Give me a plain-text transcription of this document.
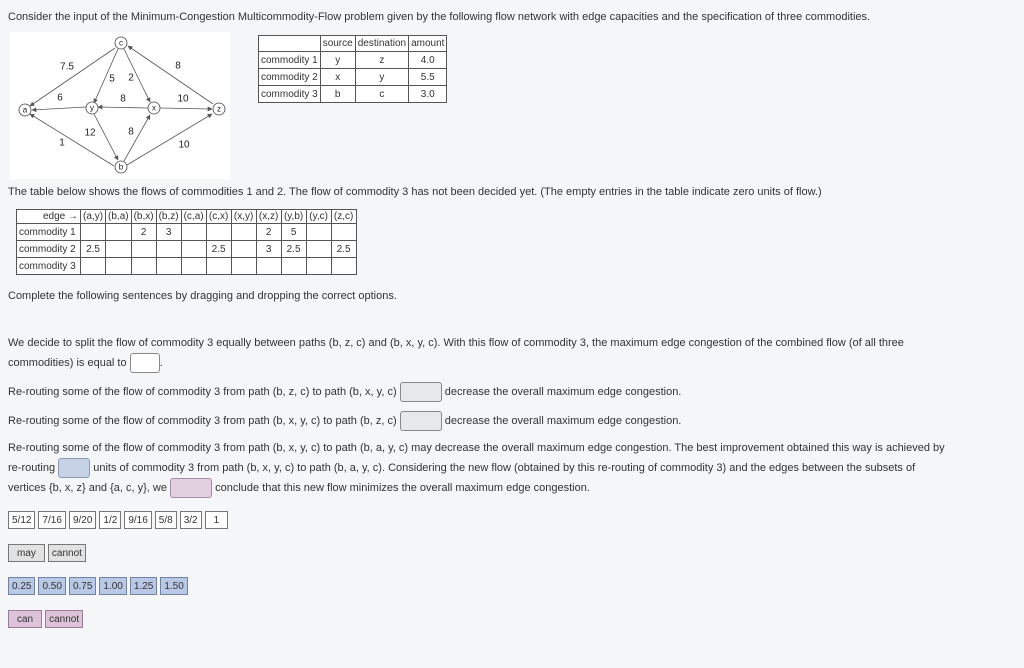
Consider the input of the Minimum-Congestion Multicommodity-Flow problem given by the following flow network with edge capacities and the specification of three commodities.
7.5
6
1
5 2
8
8	10
12	8
10
a	y
c
x
b
z
	source	destination	amount
commodity 1	y	z	4.0
commodity 2	x	y	5.5
commodity 3	b	c	3.0
The table below shows the flows of commodities 1 and 2. The flow of commodity 3 has not been decided yet. (The empty entries in the table indicate zero units of flow.)
edge →	(a,y)	(b,a)	(b,x)	(b,z)	(c,a)	(c,x)	(x,y)	(x,z)	(y,b)	(y,c)	(z,c)
commodity 1			2	3				2	5		
commodity 2	2.5					2.5		3	2.5		2.5
commodity 3											
Complete the following sentences by dragging and dropping the correct options.
We decide to split the flow of commodity 3 equally between paths (b, z, c) and (b, x, y, c). With this flow of commodity 3, the maximum edge congestion of the combined flow (of all three
commodities) is equal to	.
Re-routing some of the flow of commodity 3 from path (b, z, c) to path (b, x, y, c)	decrease the overall maximum edge congestion.
Re-routing some of the flow of commodity 3 from path (b, x, y, c) to path (b, z, c)	decrease the overall maximum edge congestion.
Re-routing some of the flow of commodity 3 from path (b, x, y, c) to path (b, a, y, c) may decrease the overall maximum edge congestion. The best improvement obtained this way is achieved by
re-routing	units of commodity 3 from path (b, x, y, c) to path (b, a, y, c). Considering the new flow (obtained by this re-routing of commodity 3) and the edges between the subsets of
vertices {b, x, z} and {a, c, y}, we	conclude that this new flow minimizes the overall maximum edge congestion.
5/12	7/16	9/20	1/2	9/16	5/8	3/2	1
may	cannot
0.25	0.50	0.75	1.00	1.25	1.50
can	cannot
